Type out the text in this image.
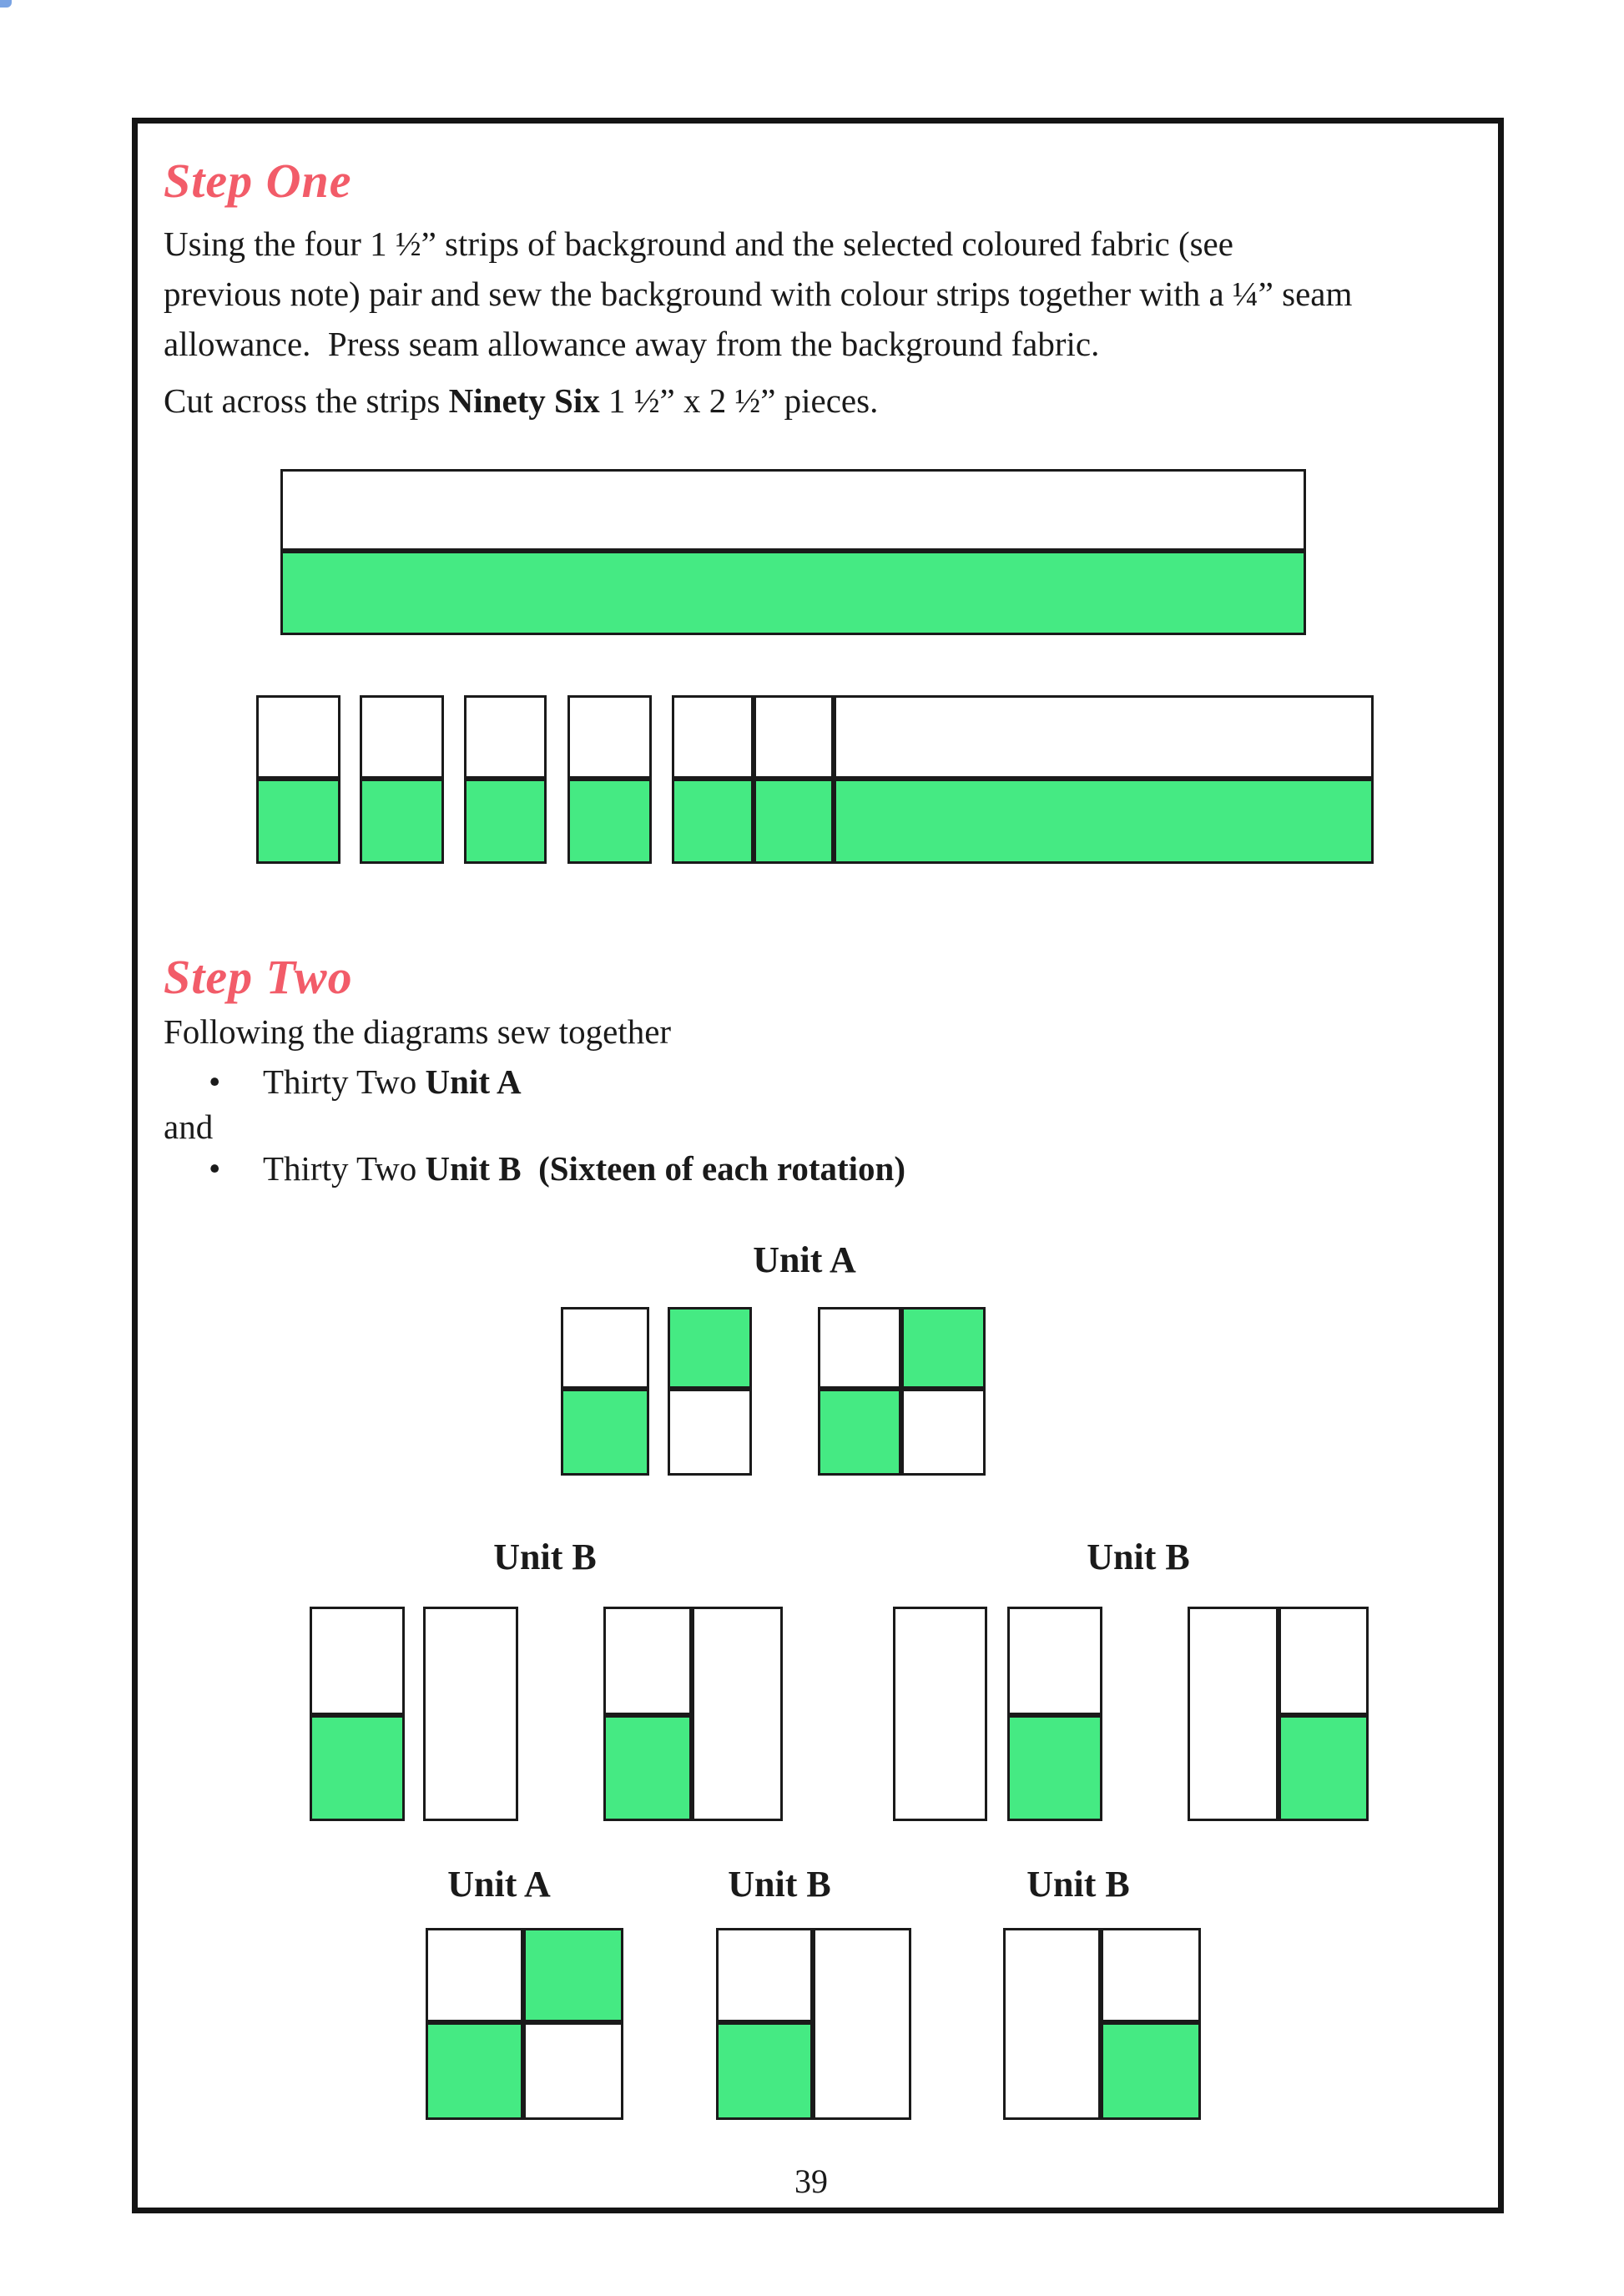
Step One
Using the four 1 ½” strips of background and the selected coloured fabric (see
previous note) pair and sew the background with colour strips together with a ¼” seam
allowance.  Press seam allowance away from the background fabric.
Cut across the strips Ninety Six 1 ½” x 2 ½” pieces.
Step Two
Following the diagrams sew together
• Thirty Two Unit A
and
• Thirty Two Unit B  (Sixteen of each rotation)
Unit A
Unit B	Unit B
Unit A	Unit B	Unit B
39
